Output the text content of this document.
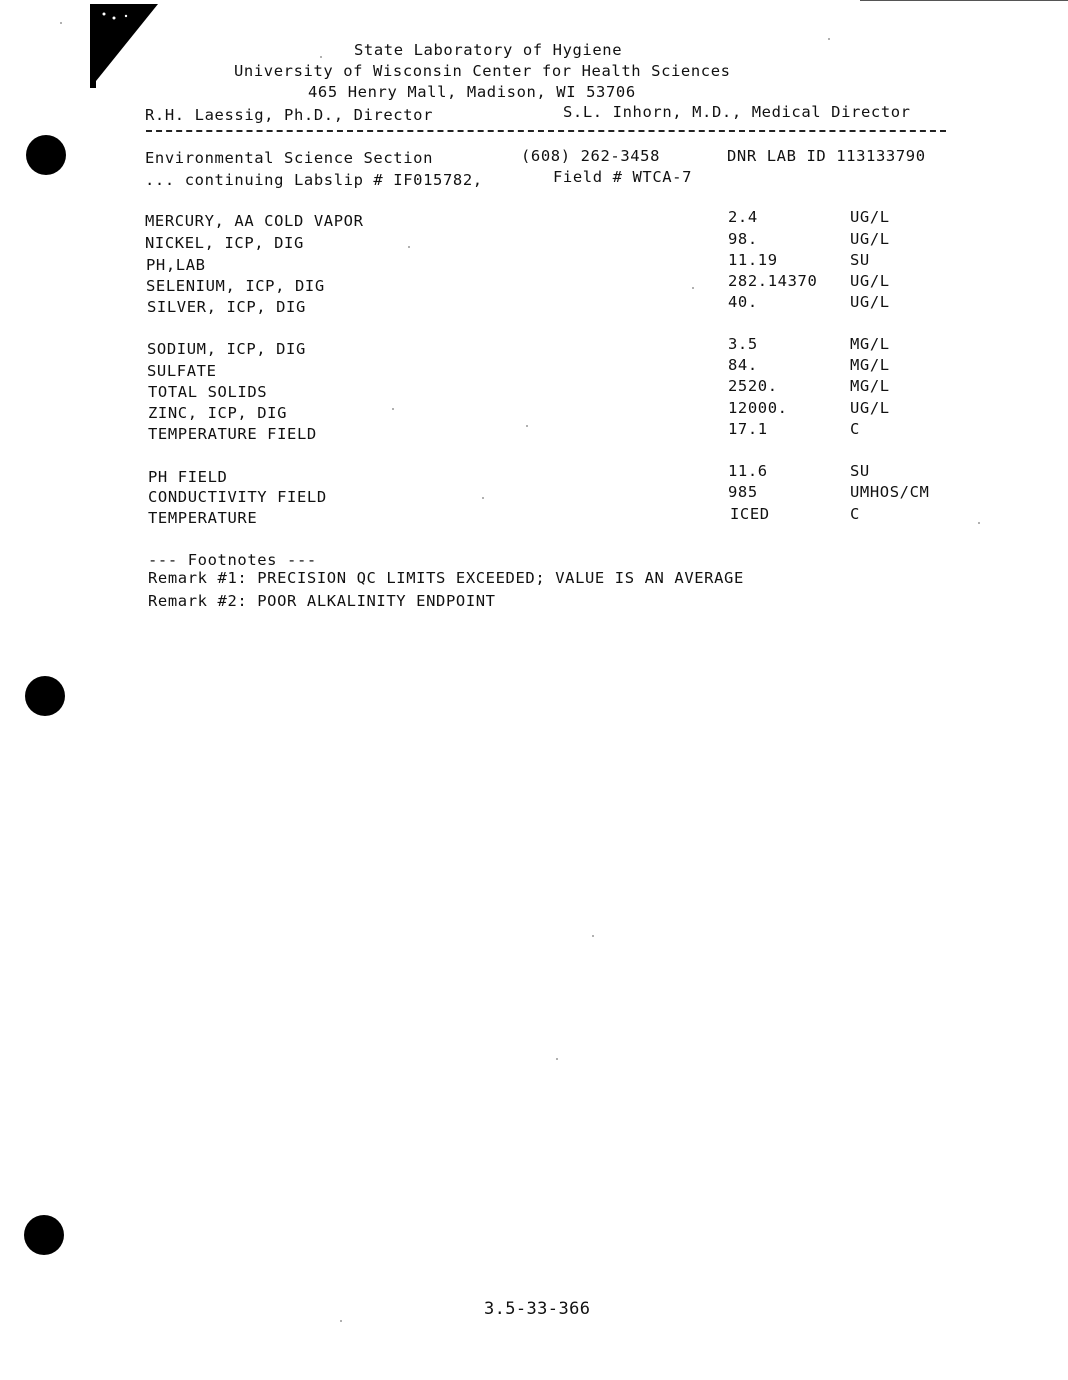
State Laboratory of Hygiene
University of Wisconsin Center for Health Sciences
465 Henry Mall, Madison, WI 53706
R.H. Laessig, Ph.D., Director	S.L. Inhorn, M.D., Medical Director
Environmental Science Section	(608) 262-3458	DNR LAB ID 113133790
... continuing Labslip # IF015782,	Field # WTCA-7
MERCURY, AA COLD VAPOR	2.4	UG/L
NICKEL, ICP, DIG	98.	UG/L
PH,LAB	11.19	SU
SELENIUM, ICP, DIG	282.14370 UG/L
SILVER, ICP, DIG	40.	UG/L
SODIUM, ICP, DIG	3.5	MG/L
SULFATE	84.	MG/L
TOTAL SOLIDS	2520.	MG/L
ZINC, ICP, DIG	12000.	UG/L
TEMPERATURE FIELD	17.1	C
PH FIELD	11.6	SU
CONDUCTIVITY FIELD	985	UMHOS/CM
TEMPERATURE	ICED	C
--- Footnotes ---
Remark #1: PRECISION QC LIMITS EXCEEDED; VALUE IS AN AVERAGE
Remark #2: POOR ALKALINITY ENDPOINT
3.5-33-366
